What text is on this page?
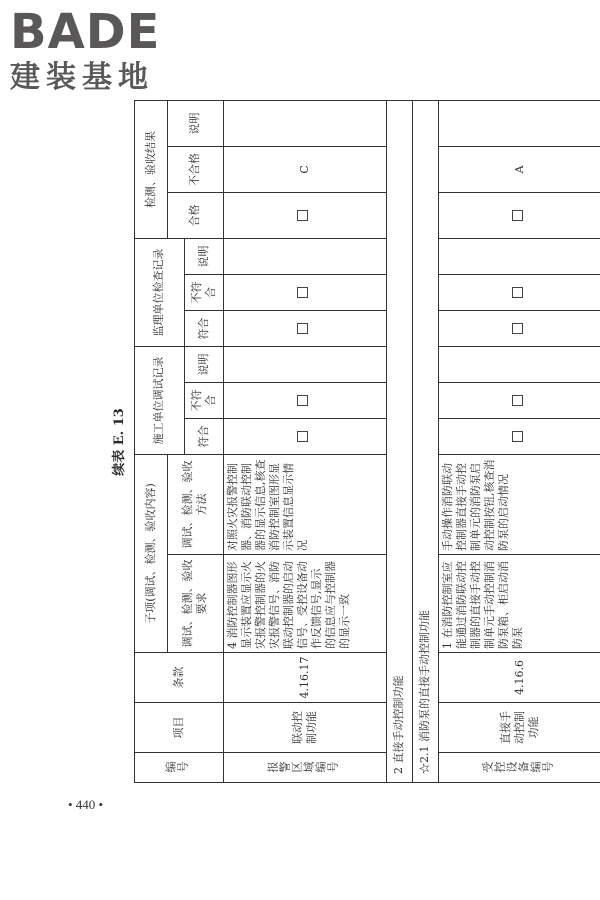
BADE
建装基地
续表 E. 13
编号	项目	条款	子项(调试、检测、验收内容)		施工单位调试记录			监理单位检查记录			检测、验收结果		
			调试、检测、验收要求	调试、检测、验收方法							合格	不合格	说明
					符合	不符合	说明	符合	不符合	说明			
报警区域编号	联动控制功能	4.16.17	4 消防控制器图形显示装置应显示火灾报警控制器的火灾报警信号、消防联动控制器的启动信号、受控设备动作反馈信号,显示的信息应与控制器的显示一致	对照火灾报警控制器、消防联动控制器的显示信息,核查消防控制室图形显示装置信息显示情况								C	
2 直接手动控制功能													
☆2.1 消防泵的直接手动控制功能													
受控设备编号	直接手动控制功能	4.16.6	1 在消防控制室应能通过消防联动控制器的直接手动控制单元手动控制消防泵箱、柜启动消防泵	手动操作消防联动控制器直接手动控制单元的消防泵启动控制按钮,核查消防泵的启动情况								A	
• 440 •
